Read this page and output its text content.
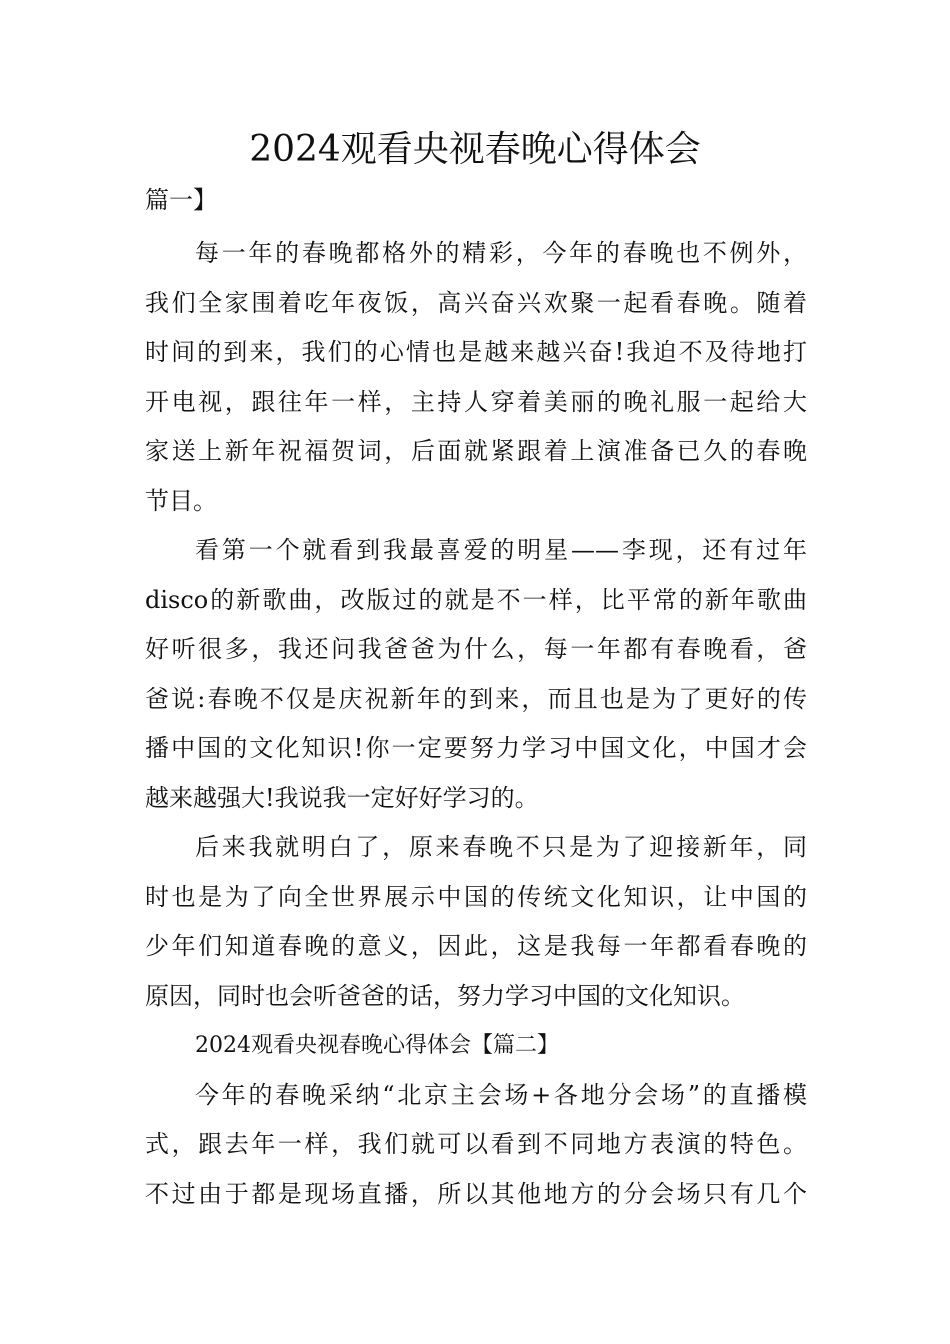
2024观看央视春晚心得体会
篇一】

每一年的春晚都格外的精彩，今年的春晚也不例外，

我们全家围着吃年夜饭，高兴奋兴欢聚一起看春晚。随着

时间的到来，我们的心情也是越来越兴奋!我迫不及待地打

开电视，跟往年一样，主持人穿着美丽的晚礼服一起给大

家送上新年祝福贺词，后面就紧跟着上演准备已久的春晚

节目。

看第一个就看到我最喜爱的明星——李现，还有过年

disco的新歌曲，改版过的就是不一样，比平常的新年歌曲

好听很多，我还问我爸爸为什么，每一年都有春晚看，爸

爸说:春晚不仅是庆祝新年的到来，而且也是为了更好的传

播中国的文化知识!你一定要努力学习中国文化，中国才会

越来越强大!我说我一定好好学习的。

后来我就明白了，原来春晚不只是为了迎接新年，同

时也是为了向全世界展示中国的传统文化知识，让中国的

少年们知道春晚的意义，因此，这是我每一年都看春晚的

原因，同时也会听爸爸的话，努力学习中国的文化知识。

2024观看央视春晚心得体会【篇二】

今年的春晚采纳“北京主会场+各地分会场”的直播模

式，跟去年一样，我们就可以看到不同地方表演的特色。

不过由于都是现场直播，所以其他地方的分会场只有几个
